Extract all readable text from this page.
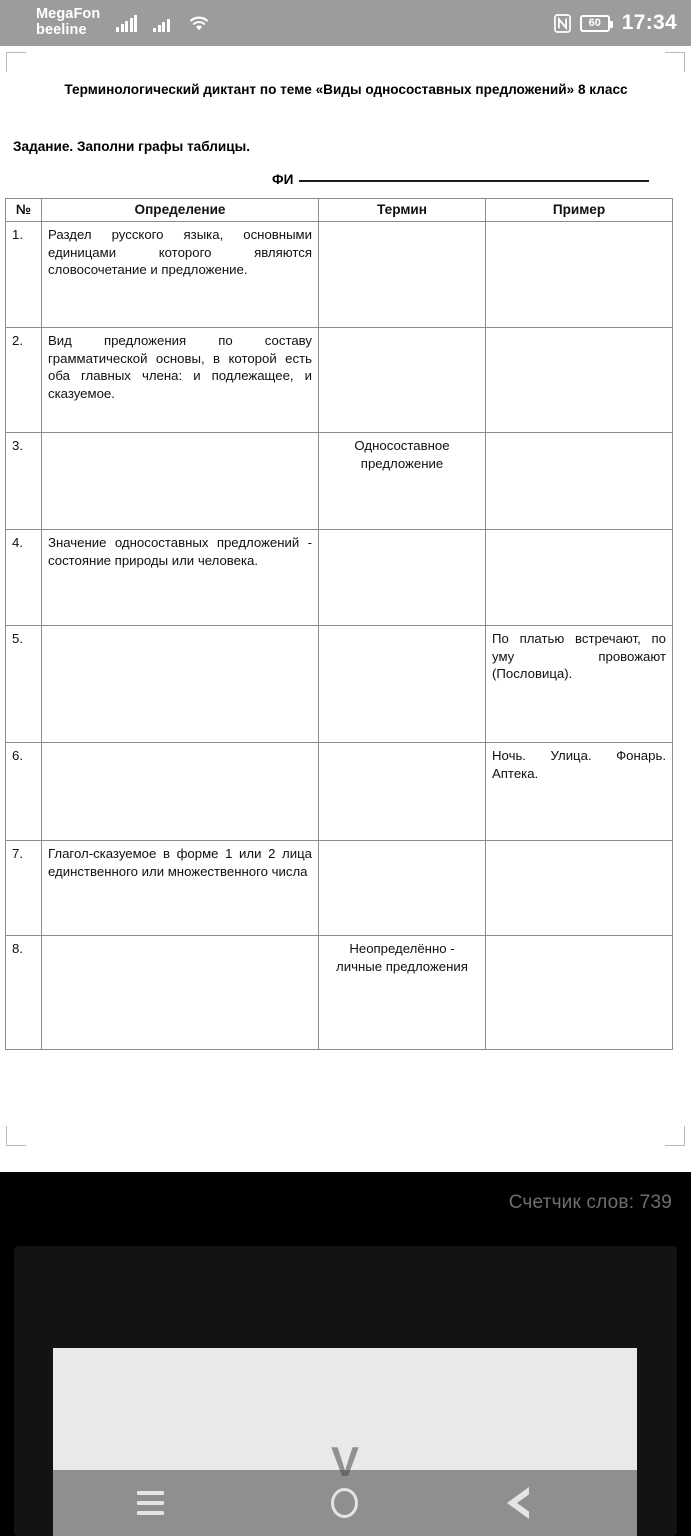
MegaFon
beeline	60 17:34
Терминологический диктант по теме «Виды односоставных предложений» 8 класс
Задание. Заполни графы таблицы.
ФИ
№	Определение	Термин	Пример
1.	Раздел русского языка, основными единицами которого являются словосочетание и предложение.		
2.	Вид предложения по составу грамматической основы, в которой есть оба главных члена: и подлежащее, и сказуемое.		
3.		Односоставное предложение	
4.	Значение односоставных предложений - состояние природы или человека.		
5.			По платью встречают, по уму провожают (Пословица).
6.			Ночь. Улица. Фонарь. Аптека.
7.	Глагол-сказуемое в форме 1 или 2 лица единственного или множественного числа		
8.		Неопределённо - личные предложения	
Счетчик слов: 739
V
